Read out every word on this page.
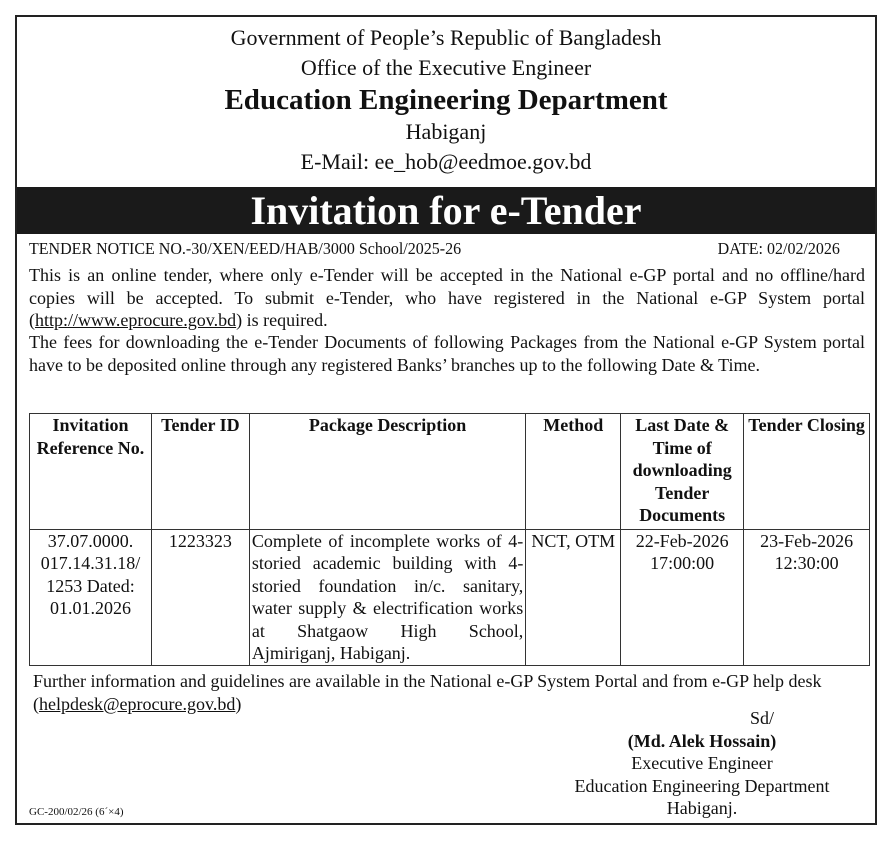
Government of People’s Republic of Bangladesh
Office of the Executive Engineer
Education Engineering Department
Habiganj
E-Mail: ee_hob@eedmoe.gov.bd
Invitation for e-Tender
TENDER NOTICE NO.-30/XEN/EED/HAB/3000 School/2025-26	DATE: 02/02/2026
This is an online tender, where only e-Tender will be accepted in the National e-GP portal and no offline/hard copies will be accepted. To submit e-Tender, who have registered in the National e-GP System portal (http://www.eprocure.gov.bd) is required.
The fees for downloading the e-Tender Documents of following Packages from the National e-GP System portal have to be deposited online through any registered Banks’ branches up to the following Date & Time.
Invitation Reference No.	Tender ID	Package Description	Method	Last Date & Time of downloading Tender Documents	Tender Closing
37.07.0000. 017.14.31.18/ 1253 Dated: 01.01.2026	1223323	Complete of incomplete works of 4-storied academic building with 4-storied foundation in/c. sanitary, water supply & electrification works at Shatgaow High School, Ajmiriganj, Habiganj.	NCT, OTM	22-Feb-2026 17:00:00	23-Feb-2026 12:30:00
Further information and guidelines are available in the National e-GP System Portal and from e-GP help desk (helpdesk@eprocure.gov.bd)
Sd/
(Md. Alek Hossain)
Executive Engineer
Education Engineering Department
Habiganj.
GC-200/02/26 (6´×4)
